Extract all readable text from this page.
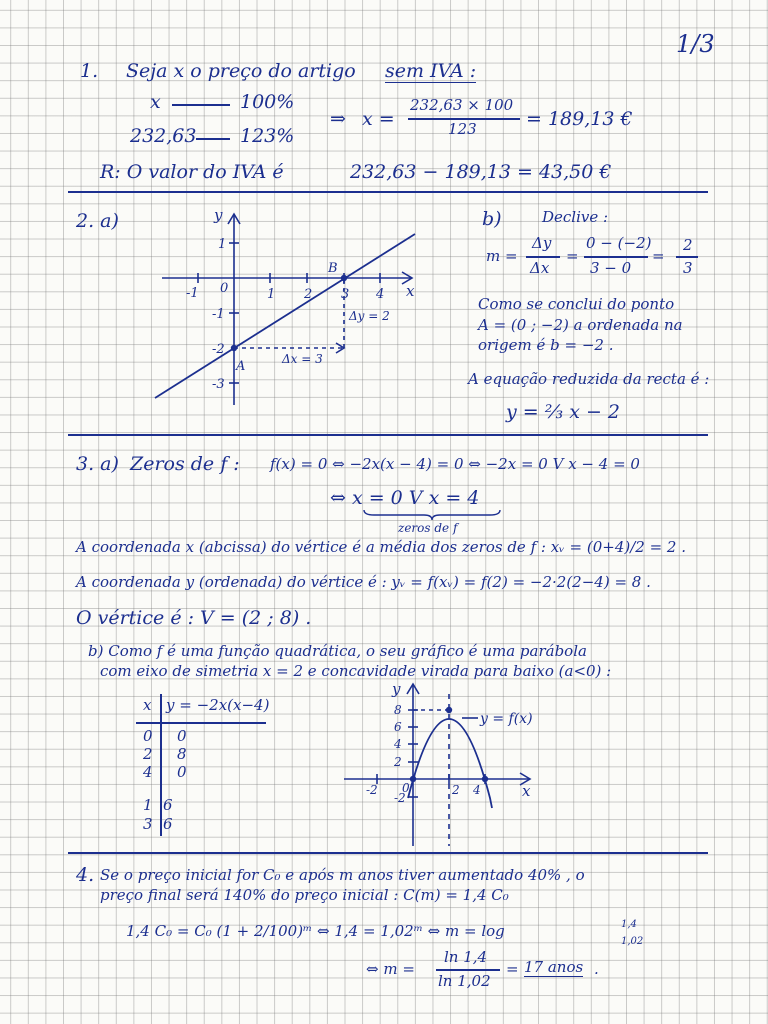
1/3
1. Seja x o preço do artigo sem IVA :
x	100%
232,63 123%
⇒ x =
232,63 × 100
123	= 189,13 €
R: O valor do IVA é	232,63 − 189,13 = 43,50 €
2. a)
x
y
-1	1 2 3 4
0
1
-1
-2
-3
A
B
Δx = 3
Δy = 2
b)	Declive :
m =
Δy
Δx
=
0 − (−2)
3 − 0
=
2
3
Como se conclui do ponto
A = (0 ; −2) a ordenada na
origem é b = −2 .
A equação reduzida da recta é :
y = ⅔ x − 2
3. a) Zeros de f : f(x) = 0 ⇔ −2x(x − 4) = 0 ⇔ −2x = 0 V x − 4 = 0
⇔ x = 0 V x = 4
zeros de f
A coordenada x (abcissa) do vértice é a média dos zeros de f : xᵥ = (0+4)/2 = 2 .
A coordenada y (ordenada) do vértice é : yᵥ = f(xᵥ) = f(2) = −2·2(2−4) = 8 .
O vértice é : V = (2 ; 8) .
b) Como f é uma função quadrática, o seu gráfico é uma parábola
com eixo de simetria x = 2 e concavidade virada para baixo (a<0) :
x y = −2x(x−4)
0 0
2 8
4 0
1 6
3 6
x
y
y = f(x)
8
6
4
2
-2
-2 0	2 4
4. Se o preço inicial for C₀ e após m anos tiver aumentado 40% , o
preço final será 140% do preço inicial : C(m) = 1,4 C₀
1,4 C₀ = C₀ (1 + 2/100)ᵐ ⇔ 1,4 = 1,02ᵐ ⇔ m = log	1,4
1,02
⇔ m =
ln 1,4
ln 1,02
= 17 anos .
